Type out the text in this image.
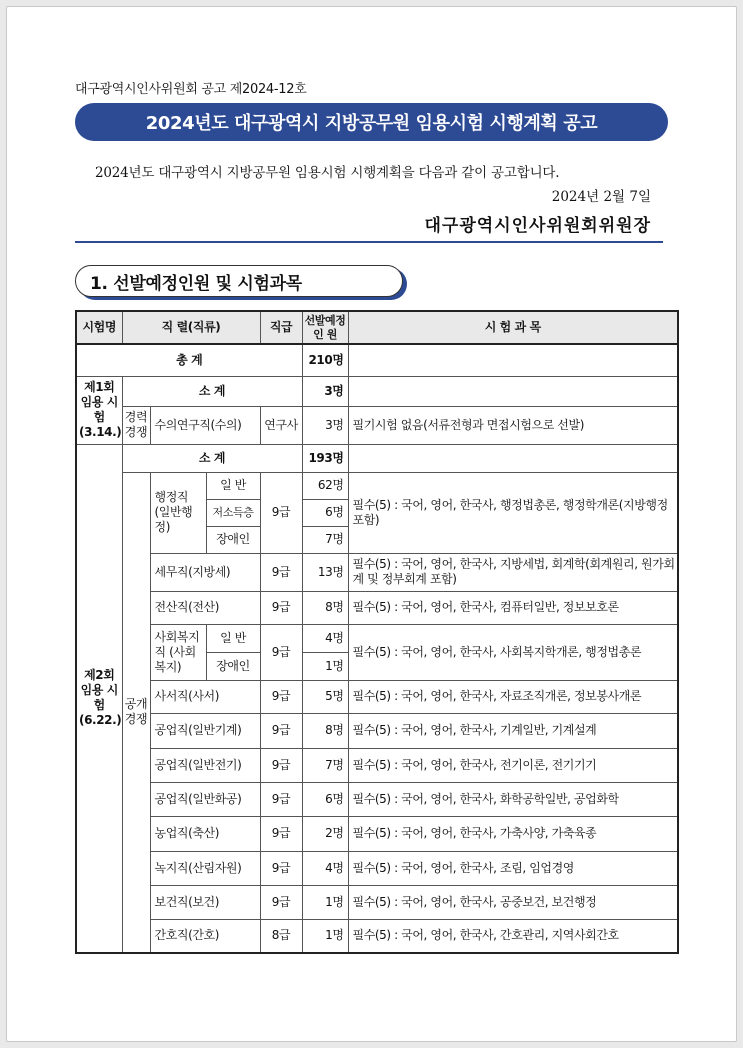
대구광역시인사위원회 공고 제2024-12호
2024년도 대구광역시 지방공무원 임용시험 시행계획 공고
2024년도 대구광역시 지방공무원 임용시험 시행계획을 다음과 같이 공고합니다.
2024년 2월 7일
대구광역시인사위원회위원장
1. 선발예정인원 및 시험과목
시험명	직 렬(직류)			직급	선발예정 인 원	시 험 과 목
총 계					210명	
제1회 임용 시험 (3.14.)	소 계				3명	
	경력 경쟁	수의연구직(수의)		연구사	3명	필기시험 없음(서류전형과 면접시험으로 선발)
제2회 임용 시험 (6.22.)	소 계				193명	
	공개 경쟁	행정직 (일반행정)	일 반	9급	62명	필수(5) : 국어, 영어, 한국사, 행정법총론, 행정학개론(지방행정 포함)
			저소득층		6명	
			장애인		7명	
		세무직(지방세)		9급	13명	필수(5) : 국어, 영어, 한국사, 지방세법, 회계학(회계원리, 원가회계 및 정부회계 포함)
		전산직(전산)		9급	8명	필수(5) : 국어, 영어, 한국사, 컴퓨터일반, 정보보호론
		사회복지직 (사회복지)	일 반	9급	4명	필수(5) : 국어, 영어, 한국사, 사회복지학개론, 행정법총론
			장애인		1명	
		사서직(사서)		9급	5명	필수(5) : 국어, 영어, 한국사, 자료조직개론, 정보봉사개론
		공업직(일반기계)		9급	8명	필수(5) : 국어, 영어, 한국사, 기계일반, 기계설계
		공업직(일반전기)		9급	7명	필수(5) : 국어, 영어, 한국사, 전기이론, 전기기기
		공업직(일반화공)		9급	6명	필수(5) : 국어, 영어, 한국사, 화학공학일반, 공업화학
		농업직(축산)		9급	2명	필수(5) : 국어, 영어, 한국사, 가축사양, 가축육종
		녹지직(산림자원)		9급	4명	필수(5) : 국어, 영어, 한국사, 조림, 임업경영
		보건직(보건)		9급	1명	필수(5) : 국어, 영어, 한국사, 공중보건, 보건행정
		간호직(간호)		8급	1명	필수(5) : 국어, 영어, 한국사, 간호관리, 지역사회간호
